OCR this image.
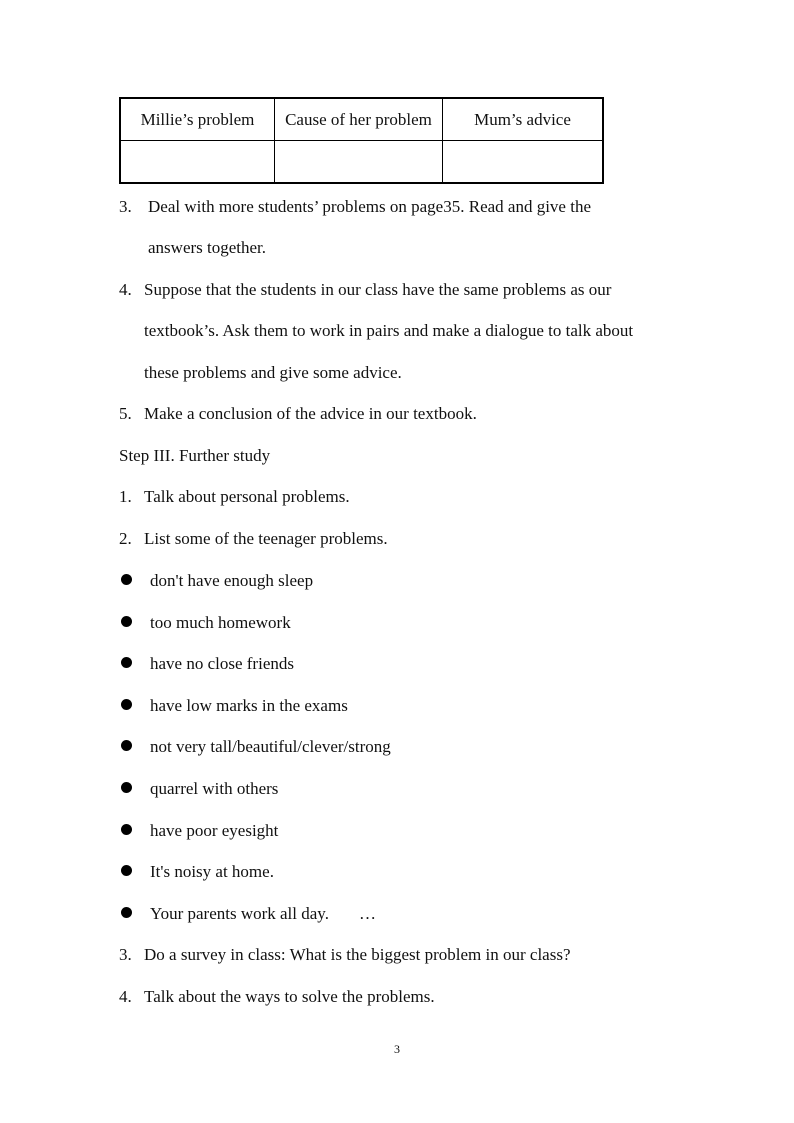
Millie’s problem	Cause of her problem	Mum’s advice

3. Deal with more students’ problems on page35. Read and give the
answers together.
4. Suppose that the students in our class have the same problems as our
textbook’s. Ask them to work in pairs and make a dialogue to talk about
these problems and give some advice.
5. Make a conclusion of the advice in our textbook.
Step III. Further study
1. Talk about personal problems.
2. List some of the teenager problems.
don't have enough sleep
too much homework
have no close friends
have low marks in the exams
not very tall/beautiful/clever/strong
quarrel with others
have poor eyesight
It's noisy at home.
Your parents work all day. …
3. Do a survey in class: What is the biggest problem in our class?
4. Talk about the ways to solve the problems.
3
